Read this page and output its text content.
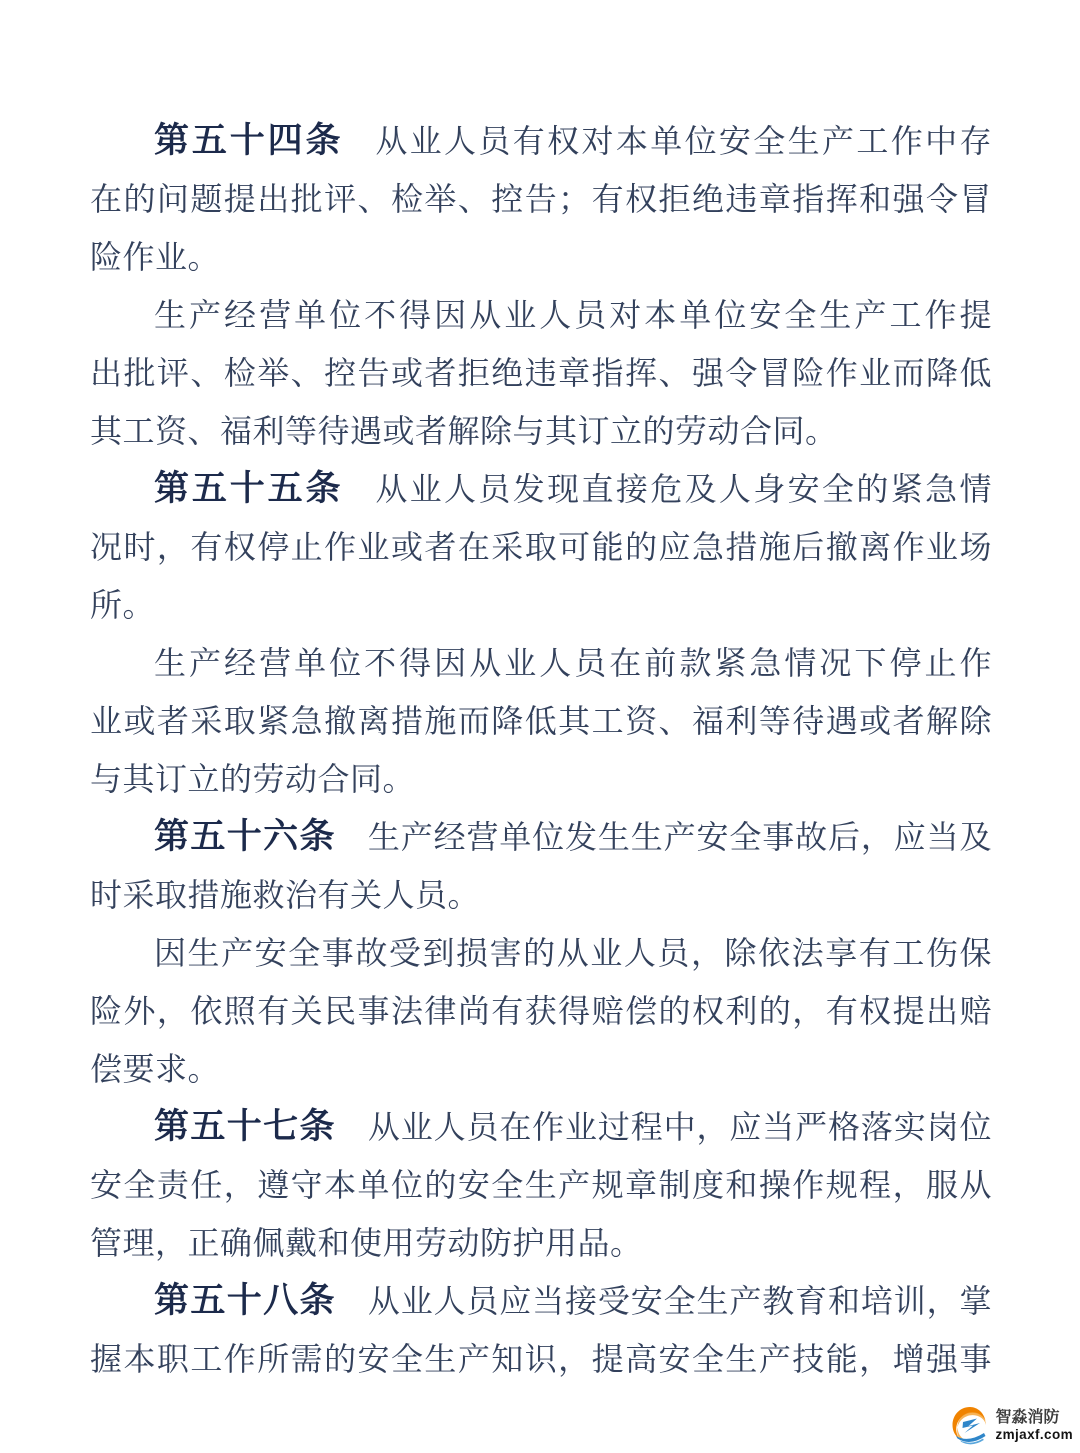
第五十四条 从业人员有权对本单位安全生产工作中存
在的问题提出批评、检举、控告；有权拒绝违章指挥和强令冒
险作业。
生产经营单位不得因从业人员对本单位安全生产工作提
出批评、检举、控告或者拒绝违章指挥、强令冒险作业而降低
其工资、福利等待遇或者解除与其订立的劳动合同。
第五十五条 从业人员发现直接危及人身安全的紧急情
况时，有权停止作业或者在采取可能的应急措施后撤离作业场
所。
生产经营单位不得因从业人员在前款紧急情况下停止作
业或者采取紧急撤离措施而降低其工资、福利等待遇或者解除
与其订立的劳动合同。
第五十六条 生产经营单位发生生产安全事故后，应当及
时采取措施救治有关人员。
因生产安全事故受到损害的从业人员，除依法享有工伤保
险外，依照有关民事法律尚有获得赔偿的权利的，有权提出赔
偿要求。
第五十七条 从业人员在作业过程中，应当严格落实岗位
安全责任，遵守本单位的安全生产规章制度和操作规程，服从
管理，正确佩戴和使用劳动防护用品。
第五十八条 从业人员应当接受安全生产教育和培训，掌
握本职工作所需的安全生产知识，提高安全生产技能，增强事
智淼消防
zmjaxf.com
